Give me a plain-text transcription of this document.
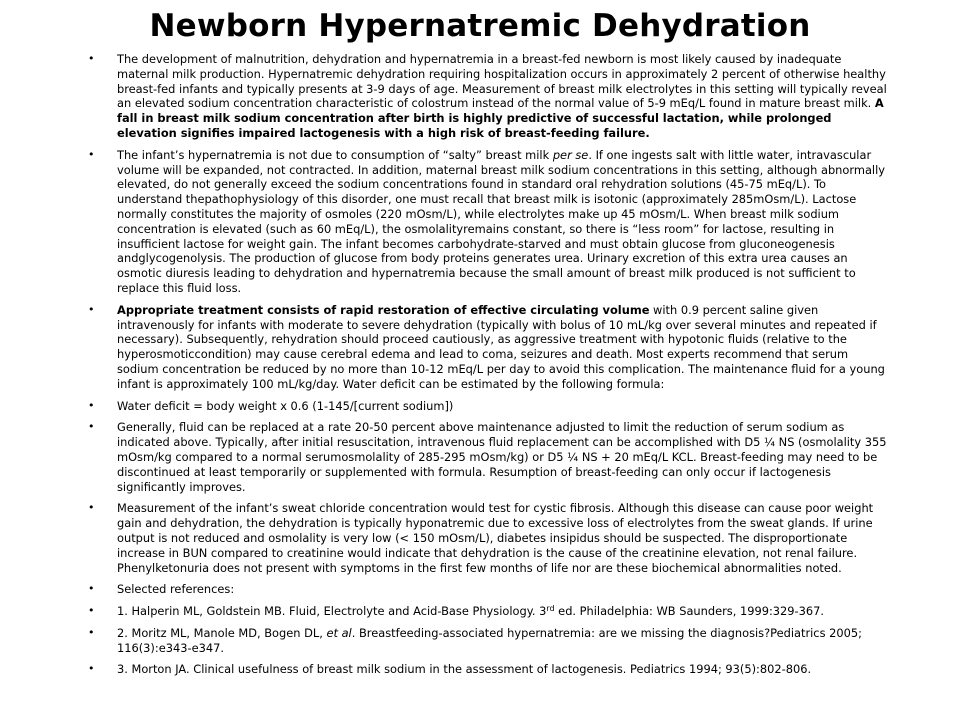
Newborn Hypernatremic Dehydration
• The development of malnutrition, dehydration and hypernatremia in a breast-fed newborn is most likely caused by inadequate maternal milk production. Hypernatremic dehydration requiring hospitalization occurs in approximately 2 percent of otherwise healthy breast-fed infants and typically presents at 3-9 days of age. Measurement of breast milk electrolytes in this setting will typically reveal an elevated sodium concentration characteristic of colostrum instead of the normal value of 5-9 mEq/L found in mature breast milk. A fall in breast milk sodium concentration after birth is highly predictive of successful lactation, while prolonged elevation signifies impaired lactogenesis with a high risk of breast-feeding failure.
• The infant’s hypernatremia is not due to consumption of “salty” breast milk per se. If one ingests salt with little water, intravascular volume will be expanded, not contracted. In addition, maternal breast milk sodium concentrations in this setting, although abnormally elevated, do not generally exceed the sodium concentrations found in standard oral rehydration solutions (45-75 mEq/L). To understand thepathophysiology of this disorder, one must recall that breast milk is isotonic (approximately 285mOsm/L). Lactose normally constitutes the majority of osmoles (220 mOsm/L), while electrolytes make up 45 mOsm/L. When breast milk sodium concentration is elevated (such as 60 mEq/L), the osmolalityremains constant, so there is “less room” for lactose, resulting in insufficient lactose for weight gain. The infant becomes carbohydrate-starved and must obtain glucose from gluconeogenesis andglycogenolysis. The production of glucose from body proteins generates urea. Urinary excretion of this extra urea causes an osmotic diuresis leading to dehydration and hypernatremia because the small amount of breast milk produced is not sufficient to replace this fluid loss.
• Appropriate treatment consists of rapid restoration of effective circulating volume with 0.9 percent saline given intravenously for infants with moderate to severe dehydration (typically with bolus of 10 mL/kg over several minutes and repeated if necessary). Subsequently, rehydration should proceed cautiously, as aggressive treatment with hypotonic fluids (relative to the hyperosmoticcondition) may cause cerebral edema and lead to coma, seizures and death. Most experts recommend that serum sodium concentration be reduced by no more than 10-12 mEq/L per day to avoid this complication. The maintenance fluid for a young infant is approximately 100 mL/kg/day. Water deficit can be estimated by the following formula:
• Water deficit = body weight x 0.6 (1-145/[current sodium])
• Generally, fluid can be replaced at a rate 20-50 percent above maintenance adjusted to limit the reduction of serum sodium as indicated above. Typically, after initial resuscitation, intravenous fluid replacement can be accomplished with D5 ¼ NS (osmolality 355 mOsm/kg compared to a normal serumosmolality of 285-295 mOsm/kg) or D5 ¼ NS + 20 mEq/L KCL. Breast-feeding may need to be discontinued at least temporarily or supplemented with formula. Resumption of breast-feeding can only occur if lactogenesis significantly improves.
• Measurement of the infant’s sweat chloride concentration would test for cystic fibrosis. Although this disease can cause poor weight gain and dehydration, the dehydration is typically hyponatremic due to excessive loss of electrolytes from the sweat glands. If urine output is not reduced and osmolality is very low (< 150 mOsm/L), diabetes insipidus should be suspected. The disproportionate increase in BUN compared to creatinine would indicate that dehydration is the cause of the creatinine elevation, not renal failure. Phenylketonuria does not present with symptoms in the first few months of life nor are these biochemical abnormalities noted.
• Selected references:
• 1. Halperin ML, Goldstein MB. Fluid, Electrolyte and Acid-Base Physiology. 3rd ed. Philadelphia: WB Saunders, 1999:329-367.
• 2. Moritz ML, Manole MD, Bogen DL, et al. Breastfeeding-associated hypernatremia: are we missing the diagnosis?Pediatrics 2005; 116(3):e343-e347.
• 3. Morton JA. Clinical usefulness of breast milk sodium in the assessment of lactogenesis. Pediatrics 1994; 93(5):802-806.
